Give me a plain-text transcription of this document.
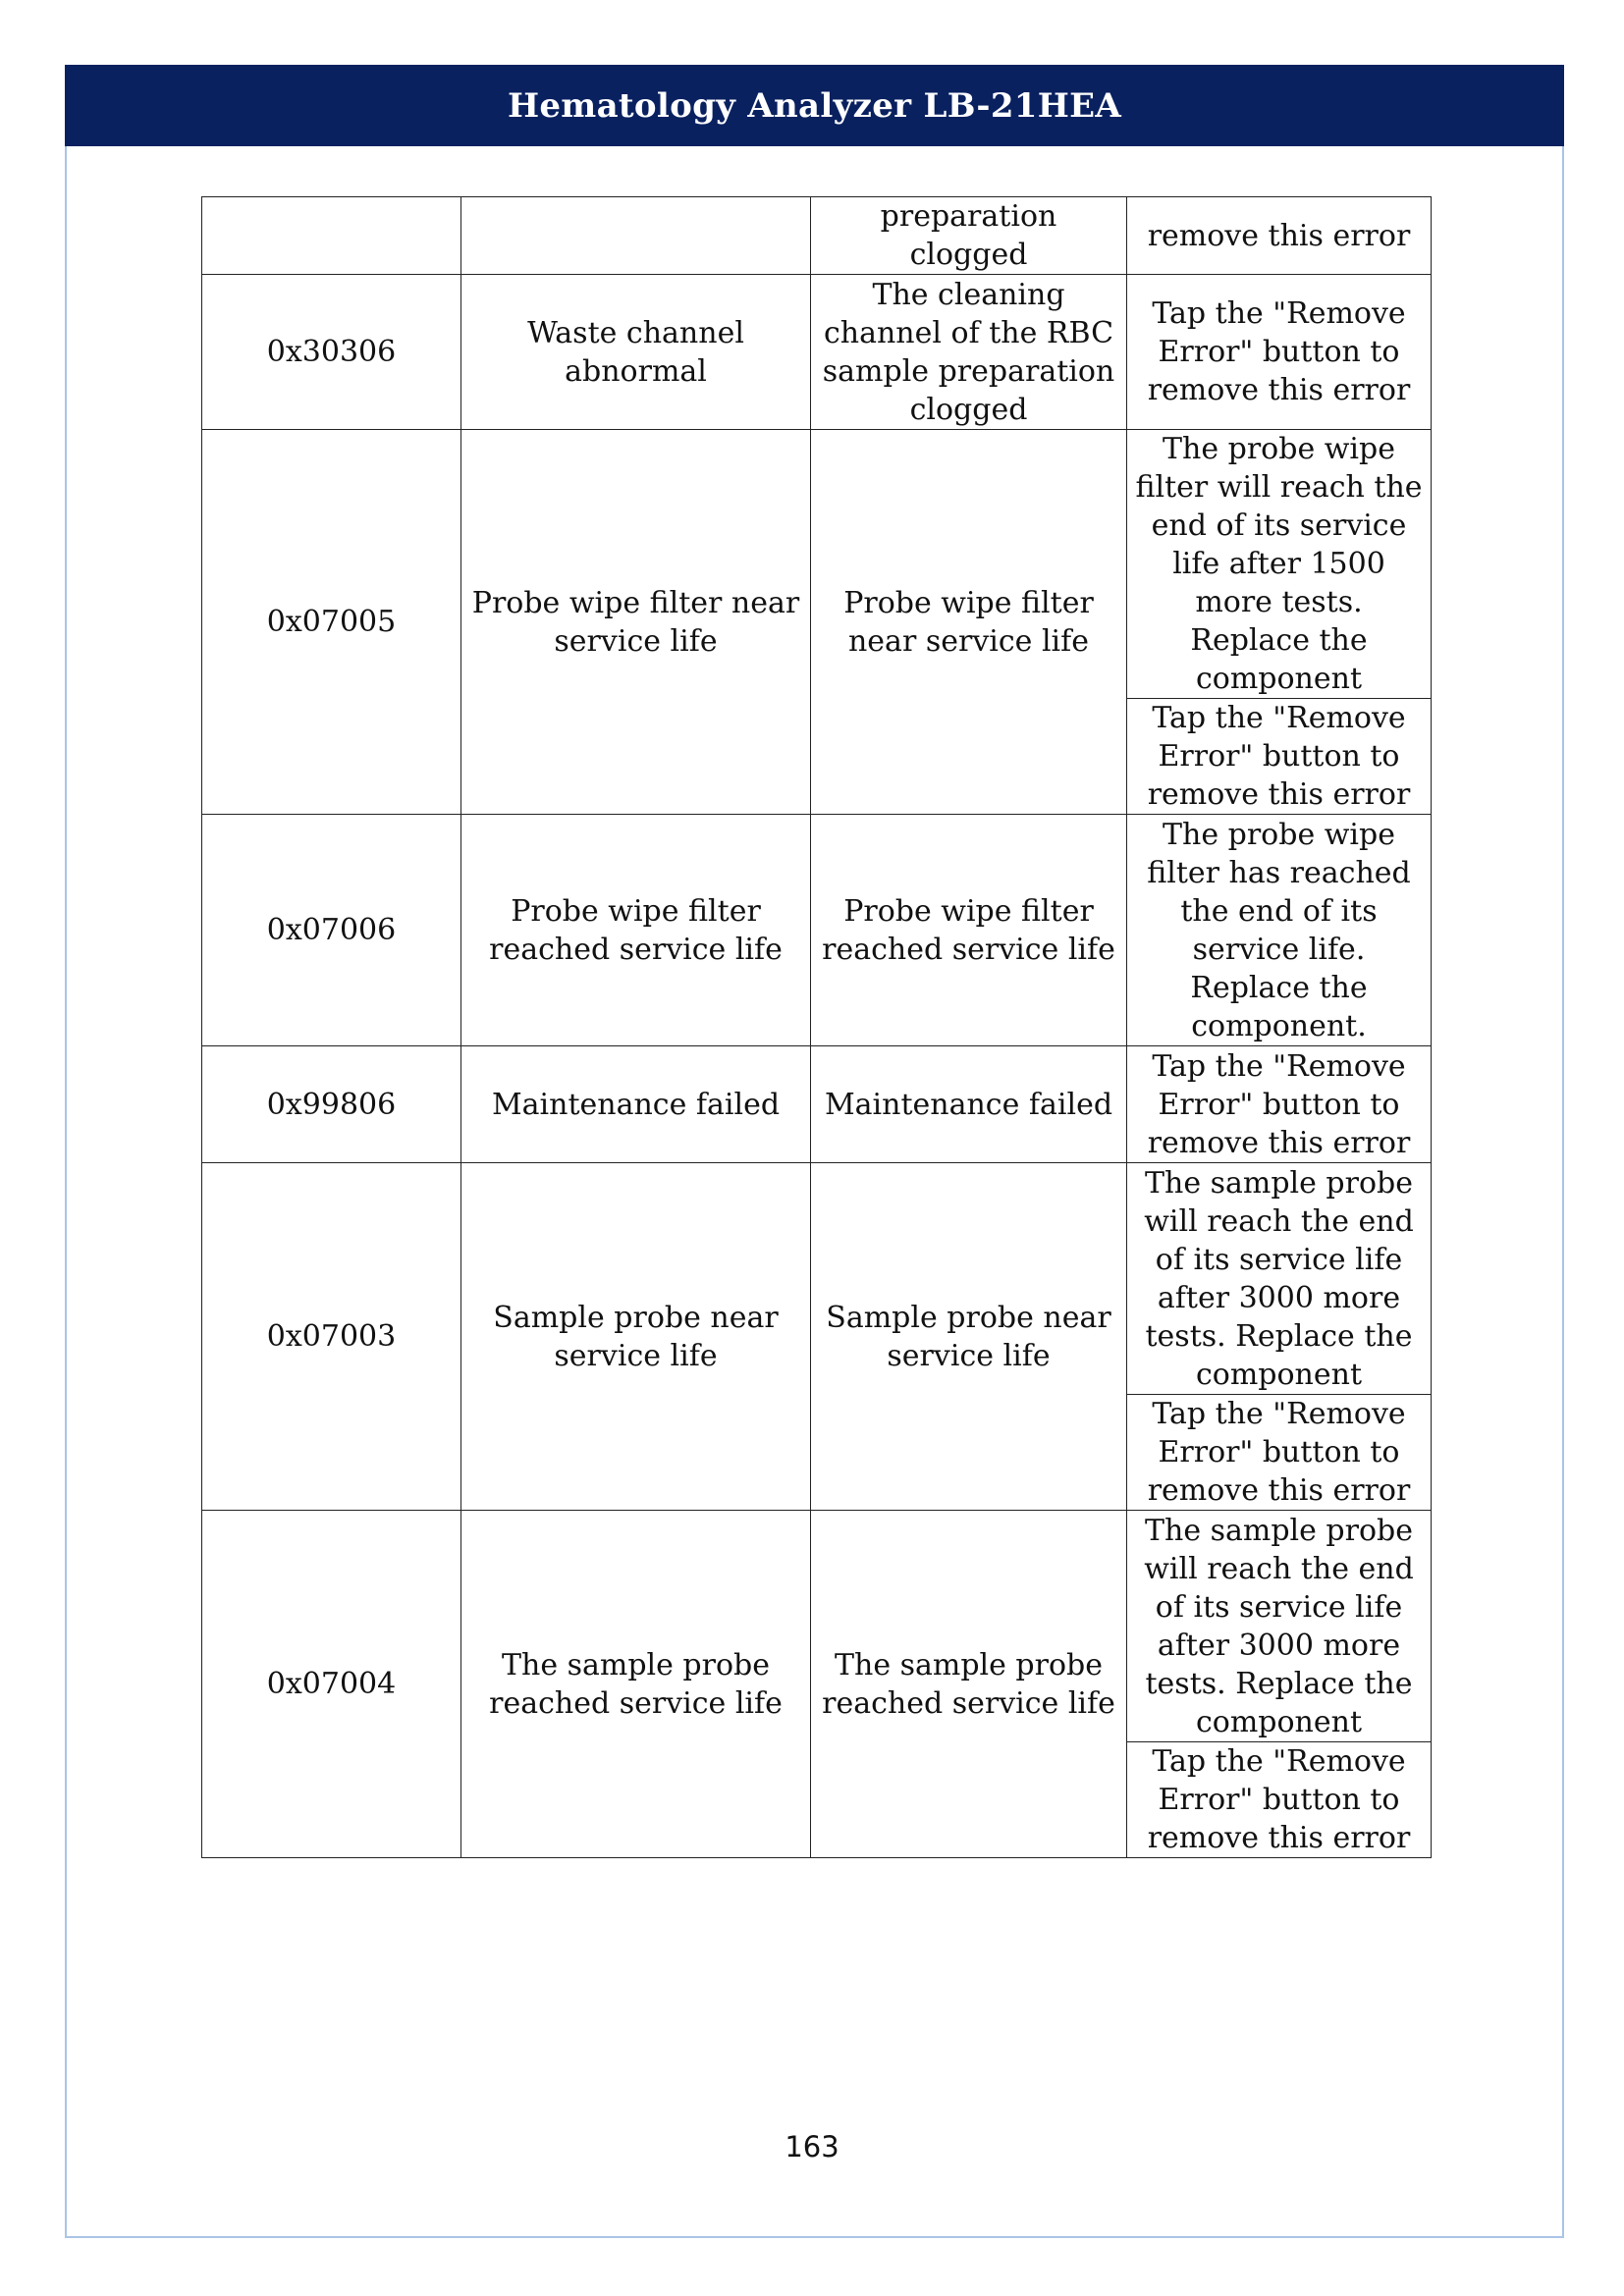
Hematology Analyzer LB-21HEA
		preparation clogged	remove this error
0x30306	Waste channel abnormal	The cleaning channel of the RBC sample preparation clogged	Tap the "Remove Error" button to remove this error
0x07005	Probe wipe filter near service life	Probe wipe filter near service life	The probe wipe filter will reach the end of its service life after 1500 more tests. Replace the component
			Tap the "Remove Error" button to remove this error
0x07006	Probe wipe filter reached service life	Probe wipe filter reached service life	The probe wipe filter has reached the end of its service life. Replace the component.
0x99806	Maintenance failed	Maintenance failed	Tap the "Remove Error" button to remove this error
0x07003	Sample probe near service life	Sample probe near service life	The sample probe will reach the end of its service life after 3000 more tests. Replace the component
			Tap the "Remove Error" button to remove this error
0x07004	The sample probe reached service life	The sample probe reached service life	The sample probe will reach the end of its service life after 3000 more tests. Replace the component
			Tap the "Remove Error" button to remove this error
163
